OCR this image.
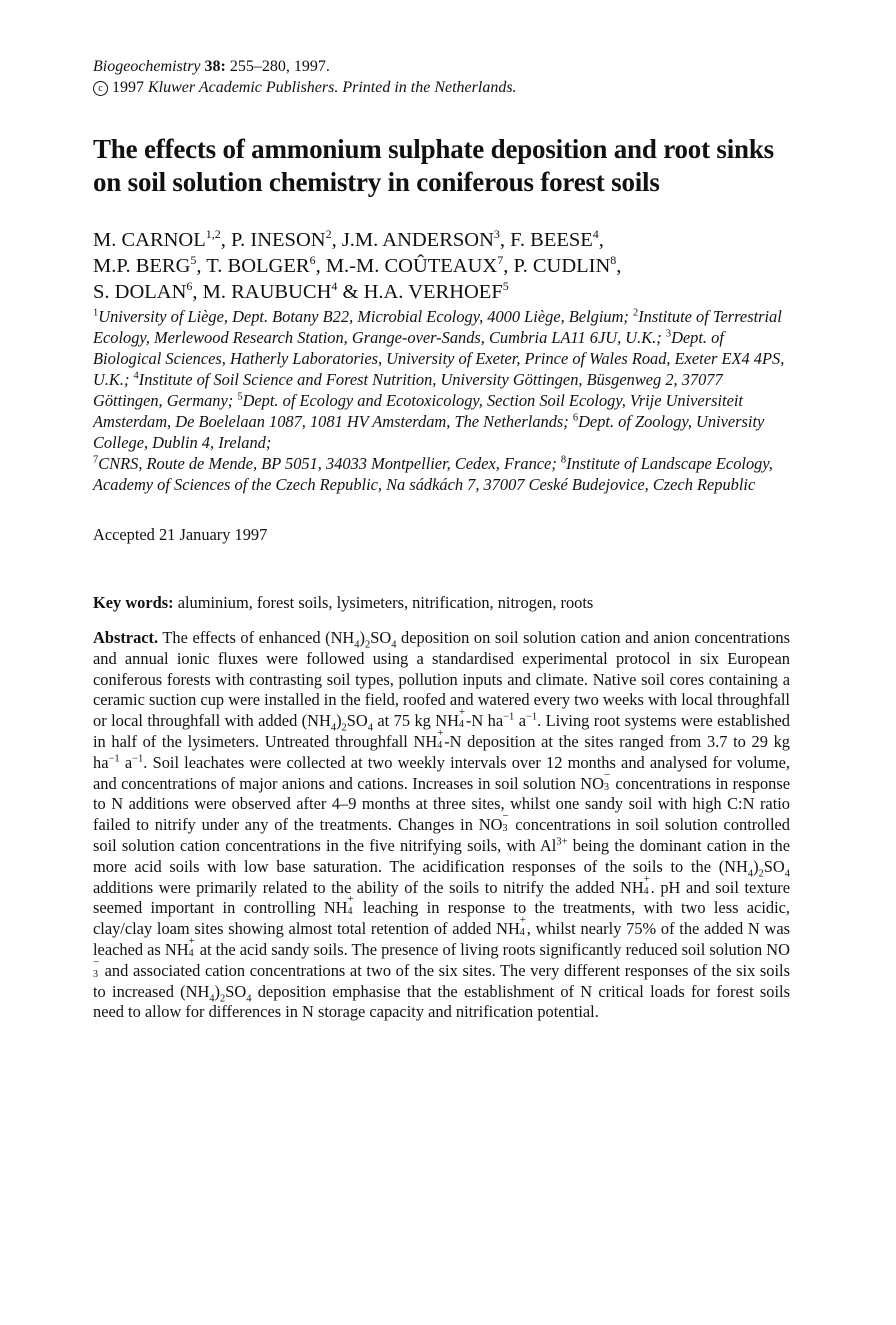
Biogeochemistry 38: 255–280, 1997.
c 1997 Kluwer Academic Publishers. Printed in the Netherlands.
The effects of ammonium sulphate deposition and root sinks on soil solution chemistry in coniferous forest soils
M. CARNOL$^{1,2}$, P. INESON$^2$, J.M. ANDERSON$^3$, F. BEESE$^4$,
M.P. BERG$^5$, T. BOLGER$^6$, M.-M. COÛTEAUX$^7$, P. CUDLIN$^8$,
S. DOLAN$^6$, M. RAUBUCH$^4$ & H.A. VERHOEF$^5$
$^1$University of Liège, Dept. Botany B22, Microbial Ecology, 4000 Liège, Belgium; $^2$Institute of Terrestrial Ecology, Merlewood Research Station, Grange-over-Sands, Cumbria LA11 6JU, U.K.; $^3$Dept. of Biological Sciences, Hatherly Laboratories, University of Exeter, Prince of Wales Road, Exeter EX4 4PS, U.K.; $^4$Institute of Soil Science and Forest Nutrition, University Göttingen, Büsgenweg 2, 37077 Göttingen, Germany; $^5$Dept. of Ecology and Ecotoxicology, Section Soil Ecology, Vrije Universiteit Amsterdam, De Boelelaan 1087, 1081 HV Amsterdam, The Netherlands; $^6$Dept. of Zoology, University College, Dublin 4, Ireland;
$^7$CNRS, Route de Mende, BP 5051, 34033 Montpellier, Cedex, France; $^8$Institute of Landscape Ecology, Academy of Sciences of the Czech Republic, Na sádkách 7, 37007 Ceské Budejovice, Czech Republic
Accepted 21 January 1997
Key words: aluminium, forest soils, lysimeters, nitrification, nitrogen, roots
Abstract. The effects of enhanced $(NH_4)_2SO_4$ deposition on soil solution cation and anion concentrations and annual ionic fluxes were followed using a standardised experimental protocol in six European coniferous forests with contrasting soil types, pollution inputs and climate. Native soil cores containing a ceramic suction cup were installed in the field, roofed and watered every two weeks with local throughfall or local throughfall with added $(NH_4)_2SO_4$ at 75 kg NH +
4 -N $ha^{-1}$ $a^{-1}$. Living root systems were established in half of the lysimeters. Untreated throughfall NH +
4 -N deposition at the sites ranged from 3.7 to 29 kg $ha^{-1}$ $a^{-1}$. Soil leachates were collected at two weekly intervals over 12 months and analysed for volume, and concentrations of major anions and cations. Increases in soil solution NO −
3 concentrations in response to N additions were observed after 4–9 months at three sites, whilst one sandy soil with high C:N ratio failed to nitrify under any of the treatments. Changes in NO −
3 concentrations in soil solution controlled soil solution cation concentrations in the five nitrifying soils, with $Al^{3+}$ being the dominant cation in the more acid soils with low base saturation. The acidification responses of the soils to the $(NH_4)_2SO_4$ additions were primarily related to the ability of the soils to nitrify the added NH +
4 . pH and soil texture seemed important in controlling NH +
4 leaching in response to the treatments, with two less acidic, clay/clay loam sites showing almost total retention of added NH +
4 , whilst nearly 75% of the added N was leached as NH +
4 at the acid sandy soils. The presence of living roots significantly reduced soil solution NO
−
3 and associated cation concentrations at two of the six sites. The very different responses of the six soils to increased $(NH_4)_2SO_4$ deposition emphasise that the establishment of N critical loads for forest soils need to allow for differences in N storage capacity and nitrification potential.
